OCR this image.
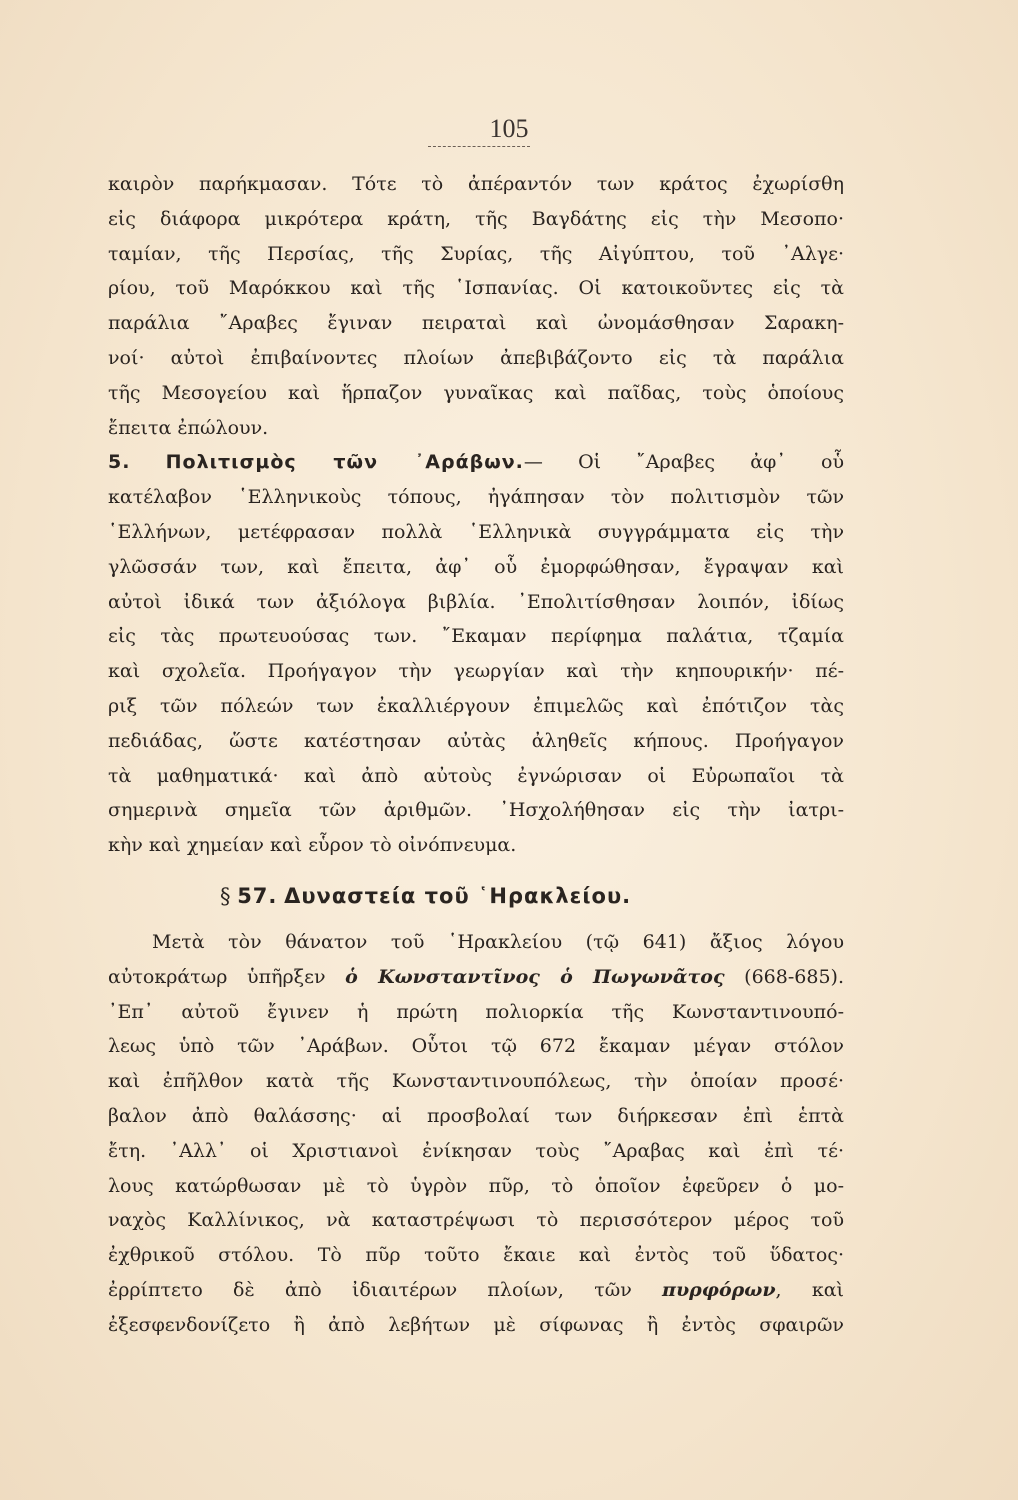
105
καιρὸν παρήκμασαν. Τότε τὸ ἀπέραντόν των κράτος ἐχωρίσθη
εἰς διάφορα μικρότερα κράτη, τῆς Βαγδάτης εἰς τὴν Μεσοπο·
ταμίαν, τῆς Περσίας, τῆς Συρίας, τῆς Αἰγύπτου, τοῦ ᾿Αλγε·
ρίου, τοῦ Μαρόκκου καὶ τῆς ῾Ισπανίας. Οἱ κατοικοῦντες εἰς τὰ
παράλια ῎Αραβες ἔγιναν πειραταὶ καὶ ὠνομάσθησαν Σαρακη-
νοί· αὐτοὶ ἐπιβαίνοντες πλοίων ἀπεβιβάζοντο εἰς τὰ παράλια
τῆς Μεσογείου καὶ ἥρπαζον γυναῖκας καὶ παῖδας, τοὺς ὁποίους
ἔπειτα ἐπώλουν.
5. Πολιτισμὸς τῶν ᾿Αράβων.— Οἱ ῎Αραβες ἀφ᾿ οὗ
κατέλαβον ῾Ελληνικοὺς τόπους, ἠγάπησαν τὸν πολιτισμὸν τῶν
῾Ελλήνων, μετέφρασαν πολλὰ ῾Ελληνικὰ συγγράμματα εἰς τὴν
γλῶσσάν των, καὶ ἔπειτα, ἀφ᾿ οὗ ἐμορφώθησαν, ἔγραψαν καὶ
αὐτοὶ ἰδικά των ἀξιόλογα βιβλία. ᾿Επολιτίσθησαν λοιπόν, ἰδίως
εἰς τὰς πρωτευούσας των. ῎Εκαμαν περίφημα παλάτια, τζαμία
καὶ σχολεῖα. Προήγαγον τὴν γεωργίαν καὶ τὴν κηπουρικήν· πέ-
ριξ τῶν πόλεών των ἐκαλλιέργουν ἐπιμελῶς καὶ ἐπότιζον τὰς
πεδιάδας, ὥστε κατέστησαν αὐτὰς ἀληθεῖς κήπους. Προήγαγον
τὰ μαθηματικά· καὶ ἀπὸ αὐτοὺς ἐγνώρισαν οἱ Εὐρωπαῖοι τὰ
σημερινὰ σημεῖα τῶν ἀριθμῶν. ᾿Ησχολήθησαν εἰς τὴν ἰατρι-
κὴν καὶ χημείαν καὶ εὗρον τὸ οἰνόπνευμα.
§ 57. Δυναστεία τοῦ ῾Ηρακλείου.
Μετὰ τὸν θάνατον τοῦ ῾Ηρακλείου (τῷ 641) ἄξιος λόγου
αὐτοκράτωρ ὑπῆρξεν ὁ Κωνσταντῖνος ὁ Πωγωνᾶτος (668-685).
᾿Επ᾿ αὐτοῦ ἔγινεν ἡ πρώτη πολιορκία τῆς Κωνσταντινουπό-
λεως ὑπὸ τῶν ᾿Αράβων. Οὗτοι τῷ 672 ἔκαμαν μέγαν στόλον
καὶ ἐπῆλθον κατὰ τῆς Κωνσταντινουπόλεως, τὴν ὁποίαν προσέ·
βαλον ἀπὸ θαλάσσης· αἱ προσβολαί των διήρκεσαν ἐπὶ ἑπτὰ
ἔτη. ᾿Αλλ᾿ οἱ Χριστιανοὶ ἐνίκησαν τοὺς ῎Αραβας καὶ ἐπὶ τέ·
λους κατώρθωσαν μὲ τὸ ὑγρὸν πῦρ, τὸ ὁποῖον ἐφεῦρεν ὁ μο-
ναχὸς Καλλίνικος, νὰ καταστρέψωσι τὸ περισσότερον μέρος τοῦ
ἐχθρικοῦ στόλου. Τὸ πῦρ τοῦτο ἔκαιε καὶ ἐντὸς τοῦ ὕδατος·
ἐρρίπτετο δὲ ἀπὸ ἰδιαιτέρων πλοίων, τῶν πυρφόρων, καὶ
ἐξεσφενδονίζετο ἢ ἀπὸ λεβήτων μὲ σίφωνας ἢ ἐντὸς σφαιρῶν
